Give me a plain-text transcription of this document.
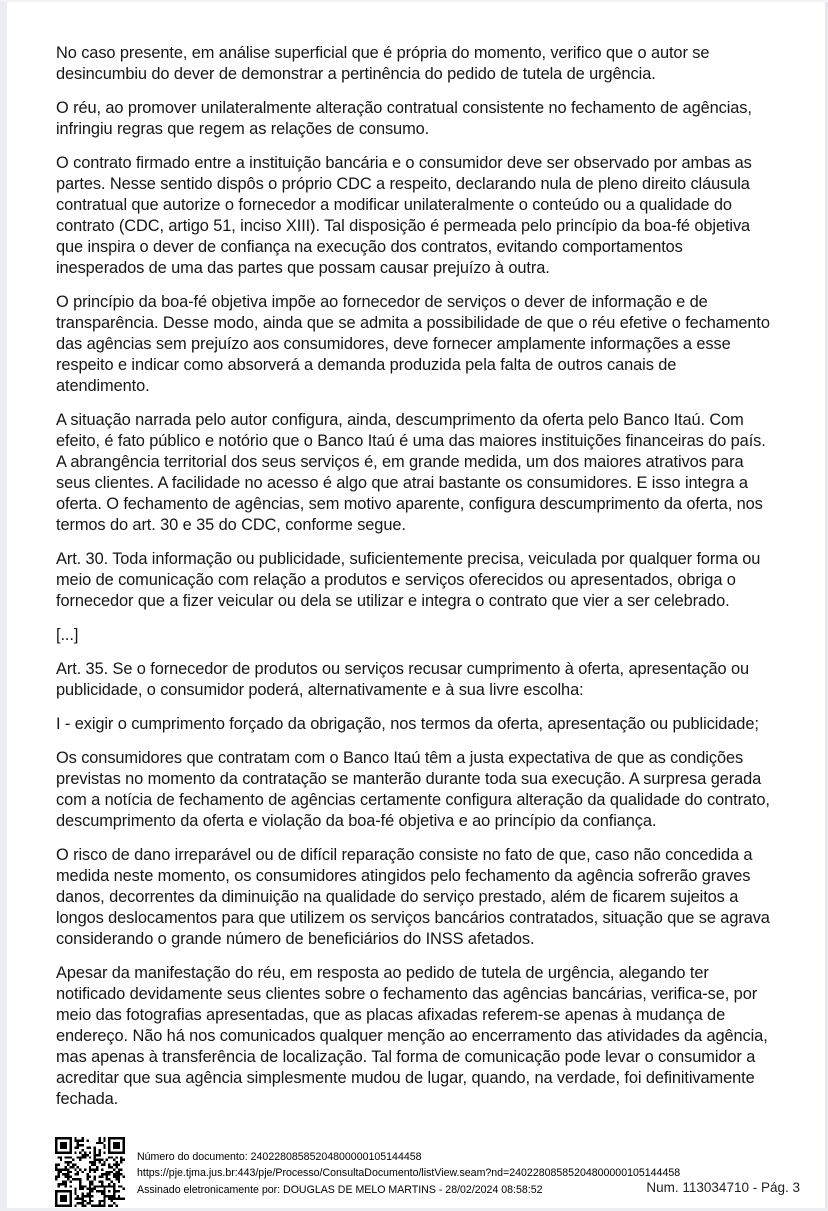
No caso presente, em análise superficial que é própria do momento, verifico que o autor se desincumbiu do dever de demonstrar a pertinência do pedido de tutela de urgência.

O réu, ao promover unilateralmente alteração contratual consistente no fechamento de agências, infringiu regras que regem as relações de consumo.

O contrato firmado entre a instituição bancária e o consumidor deve ser observado por ambas as partes. Nesse sentido dispôs o próprio CDC a respeito, declarando nula de pleno direito cláusula contratual que autorize o fornecedor a modificar unilateralmente o conteúdo ou a qualidade do contrato (CDC, artigo 51, inciso XIII). Tal disposição é permeada pelo princípio da boa-fé objetiva que inspira o dever de confiança na execução dos contratos, evitando comportamentos inesperados de uma das partes que possam causar prejuízo à outra.

O princípio da boa-fé objetiva impõe ao fornecedor de serviços o dever de informação e de transparência. Desse modo, ainda que se admita a possibilidade de que o réu efetive o fechamento das agências sem prejuízo aos consumidores, deve fornecer amplamente informações a esse respeito e indicar como absorverá a demanda produzida pela falta de outros canais de atendimento.

A situação narrada pelo autor configura, ainda, descumprimento da oferta pelo Banco Itaú. Com efeito, é fato público e notório que o Banco Itaú é uma das maiores instituições financeiras do país. A abrangência territorial dos seus serviços é, em grande medida, um dos maiores atrativos para seus clientes. A facilidade no acesso é algo que atrai bastante os consumidores. E isso integra a oferta. O fechamento de agências, sem motivo aparente, configura descumprimento da oferta, nos termos do art. 30 e 35 do CDC, conforme segue.

Art. 30. Toda informação ou publicidade, suficientemente precisa, veiculada por qualquer forma ou meio de comunicação com relação a produtos e serviços oferecidos ou apresentados, obriga o fornecedor que a fizer veicular ou dela se utilizar e integra o contrato que vier a ser celebrado.

[...]

Art. 35. Se o fornecedor de produtos ou serviços recusar cumprimento à oferta, apresentação ou publicidade, o consumidor poderá, alternativamente e à sua livre escolha:

I - exigir o cumprimento forçado da obrigação, nos termos da oferta, apresentação ou publicidade;

Os consumidores que contratam com o Banco Itaú têm a justa expectativa de que as condições previstas no momento da contratação se manterão durante toda sua execução. A surpresa gerada com a notícia de fechamento de agências certamente configura alteração da qualidade do contrato, descumprimento da oferta e violação da boa-fé objetiva e ao princípio da confiança.

O risco de dano irreparável ou de difícil reparação consiste no fato de que, caso não concedida a medida neste momento, os consumidores atingidos pelo fechamento da agência sofrerão graves danos, decorrentes da diminuição na qualidade do serviço prestado, além de ficarem sujeitos a longos deslocamentos para que utilizem os serviços bancários contratados, situação que se agrava considerando o grande número de beneficiários do INSS afetados.

Apesar da manifestação do réu, em resposta ao pedido de tutela de urgência, alegando ter notificado devidamente seus clientes sobre o fechamento das agências bancárias, verifica-se, por meio das fotografias apresentadas, que as placas afixadas referem-se apenas à mudança de endereço. Não há nos comunicados qualquer menção ao encerramento das atividades da agência, mas apenas à transferência de localização. Tal forma de comunicação pode levar o consumidor a acreditar que sua agência simplesmente mudou de lugar, quando, na verdade, foi definitivamente fechada.

Número do documento: 24022808585204800000105144458
https://pje.tjma.jus.br:443/pje/Processo/ConsultaDocumento/listView.seam?nd=24022808585204800000105144458
Assinado eletronicamente por: DOUGLAS DE MELO MARTINS - 28/02/2024 08:58:52	Num. 113034710 - Pág. 3
